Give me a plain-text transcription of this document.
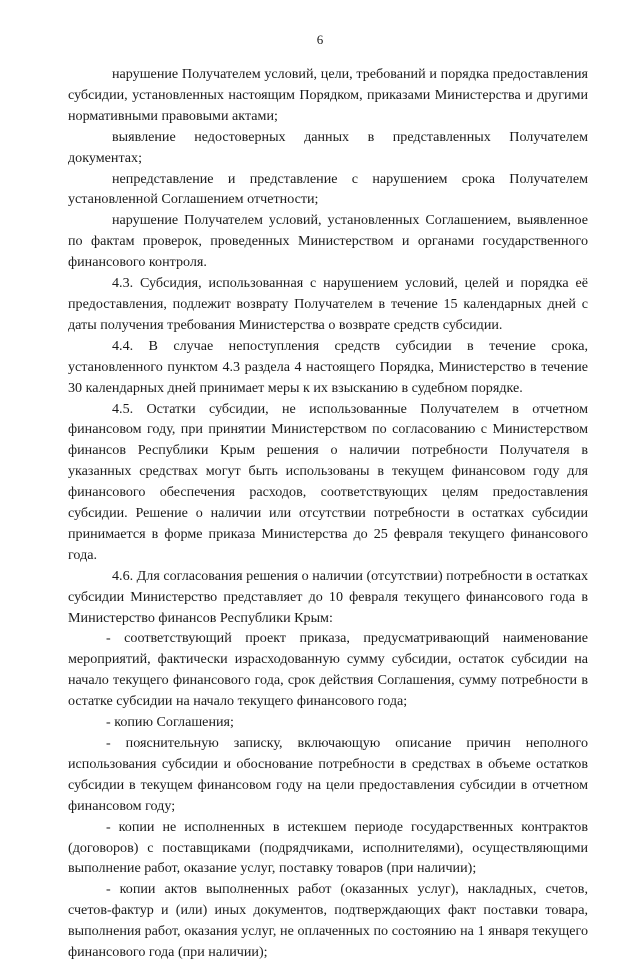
6

нарушение Получателем условий, цели, требований и порядка предоставления субсидии, установленных настоящим Порядком, приказами Министерства и другими нормативными правовыми актами;

выявление недостоверных данных в представленных Получателем документах;

непредставление и представление с нарушением срока Получателем установленной Соглашением отчетности;

нарушение Получателем условий, установленных Соглашением, выявленное по фактам проверок, проведенных Министерством и органами государственного финансового контроля.

4.3. Субсидия, использованная с нарушением условий, целей и порядка её предоставления, подлежит возврату Получателем в течение 15 календарных дней с даты получения требования Министерства о возврате средств субсидии.

4.4. В случае непоступления средств субсидии в течение срока, установленного пунктом 4.3 раздела 4 настоящего Порядка, Министерство в течение 30 календарных дней принимает меры к их взысканию в судебном порядке.

4.5. Остатки субсидии, не использованные Получателем в отчетном финансовом году, при принятии Министерством по согласованию с Министерством финансов Республики Крым решения о наличии потребности Получателя в указанных средствах могут быть использованы в текущем финансовом году для финансового обеспечения расходов, соответствующих целям предоставления субсидии. Решение о наличии или отсутствии потребности в остатках субсидии принимается в форме приказа Министерства до 25 февраля текущего финансового года.

4.6. Для согласования решения о наличии (отсутствии) потребности в остатках субсидии Министерство представляет до 10 февраля текущего финансового года в Министерство финансов Республики Крым:

- соответствующий проект приказа, предусматривающий наименование мероприятий, фактически израсходованную сумму субсидии, остаток субсидии на начало текущего финансового года, срок действия Соглашения, сумму потребности в остатке субсидии на начало текущего финансового года;

- копию Соглашения;

- пояснительную записку, включающую описание причин неполного использования субсидии и обоснование потребности в средствах в объеме остатков субсидии в текущем финансовом году на цели предоставления субсидии в отчетном финансовом году;

- копии не исполненных в истекшем периоде государственных контрактов (договоров) с поставщиками (подрядчиками, исполнителями), осуществляющими выполнение работ, оказание услуг, поставку товаров (при наличии);

- копии актов выполненных работ (оказанных услуг), накладных, счетов, счетов-фактур и (или) иных документов, подтверждающих факт поставки товара, выполнения работ, оказания услуг, не оплаченных по состоянию на 1 января текущего финансового года (при наличии);
